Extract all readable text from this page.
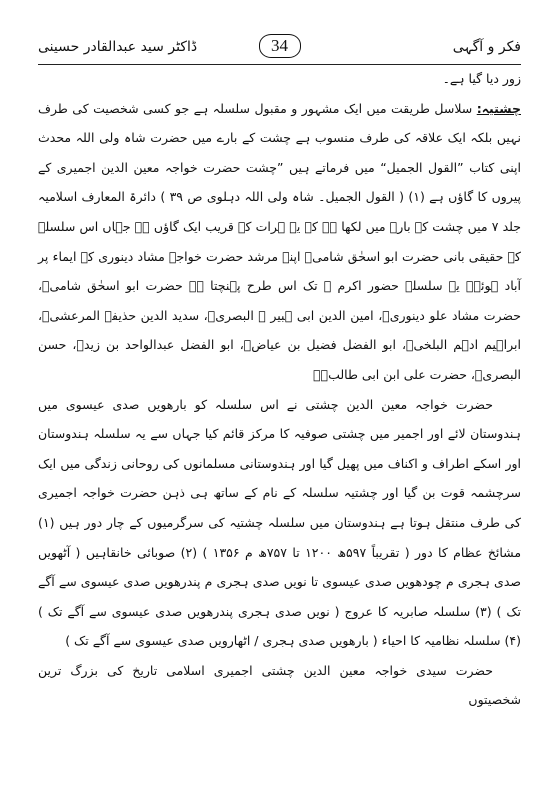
فکر و آگہی
34
ڈاکٹر سید عبدالقادر حسینی

زور دیا گیا ہے۔

چشتیہ: سلاسل طریقت میں ایک مشہور و مقبول سلسلہ ہے جو کسی شخصیت کی طرف نہیں بلکہ ایک علاقہ کی طرف منسوب ہے چشت کے بارے میں حضرت شاہ ولی اللہ محدث اپنی کتاب ”القول الجمیل“ میں فرماتے ہیں ”چشت حضرت خواجہ معین الدین اجمیری کے پیروں کا گاؤں ہے (۱) ( القول الجمیل۔ شاہ ولی اللہ دہلوی ص ۳۹ ) دائرۃ المعارف اسلامیہ جلد ۷ میں چشت کے بارے میں لکھا ہے کہ یہ ہرات کے قریب ایک گاؤں ہے جہاں اس سلسلہ کے حقیقی بانی حضرت ابو اسحٰق شامیؒ اپنے مرشد حضرت خواجہ مشاد دینوری کے ایماء پر آباد ہوئے۔ یہ سلسلہ حضور اکرم ﷺ تک اس طرح پہنچتا ہے حضرت ابو اسحٰق شامیؒ، حضرت مشاد علو دینوریؒ، امین الدین ابی ہبیر ۃ البصریؒ، سدید الدین حذیفۃ المرعشیؒ، ابراہیم ادہم البلخیؒ، ابو الفضل فضیل بن عیاضؒ، ابو الفضل عبدالواحد بن زیدؒ، حسن البصریؒ، حضرت علی ابن ابی طالبؓ۔

حضرت خواجہ معین الدین چشتی نے اس سلسلہ کو بارھویں صدی عیسوی میں ہندوستان لائے اور اجمیر میں چشتی صوفیہ کا مرکز قائم کیا جہاں سے یہ سلسلہ ہندوستان اور اسکے اطراف و اکناف میں پھیل گیا اور ہندوستانی مسلمانوں کی روحانی زندگی میں ایک سرچشمہ قوت بن گیا اور چشتیہ سلسلہ کے نام کے ساتھ ہی ذہن حضرت خواجہ اجمیری کی طرف منتقل ہوتا ہے ہندوستان میں سلسلہ چشتیہ کی سرگرمیوں کے چار دور ہیں (۱) مشائخ عظام کا دور ( تقریباً ۵۹۷ھ ۱۲۰۰ تا ۷۵۷ھ م ۱۳۵۶ ) (۲) صوبائی خانقاہیں ( آٹھویں صدی ہجری م چودھویں صدی عیسوی تا نویں صدی ہجری م پندرھویں صدی عیسوی سے آگے تک ) (۳) سلسلہ صابریہ کا عروج ( نویں صدی ہجری پندرھویں صدی عیسوی سے آگے تک ) (۴) سلسلہ نظامیہ کا احیاء ( بارھویں صدی ہجری / اٹھارویں صدی عیسوی سے آگے تک )

حضرت سیدی خواجہ معین الدین چشتی اجمیری اسلامی تاریخ کی بزرگ ترین شخصیتوں
